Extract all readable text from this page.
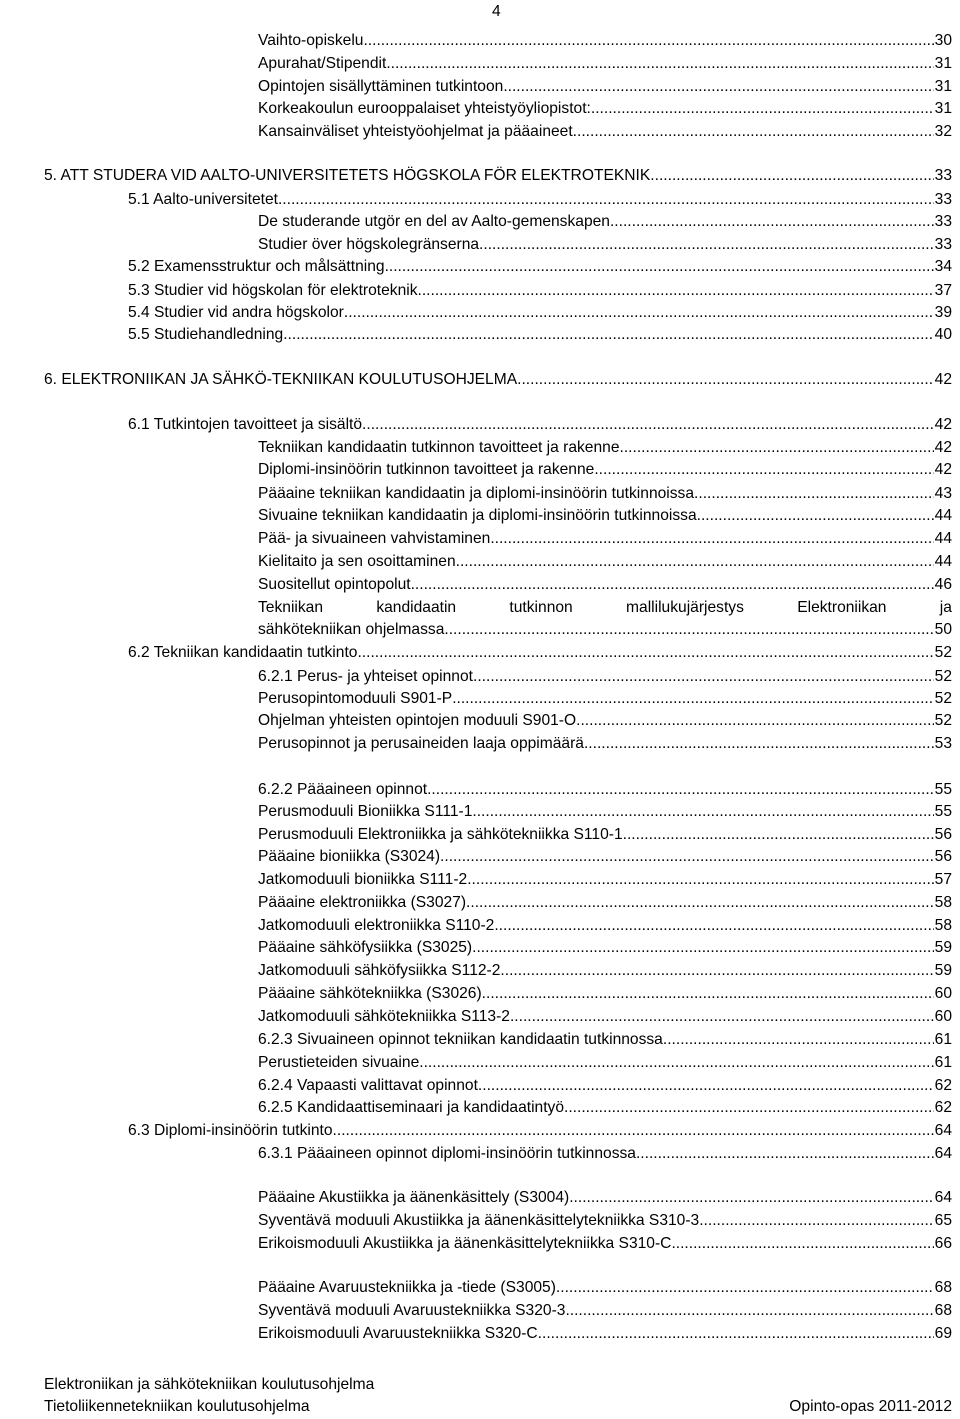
4
Vaihto-opiskelu .....	30
Apurahat/Stipendit .....	31
Opintojen sisällyttäminen tutkintoon .....	31
Korkeakoulun eurooppalaiset yhteistyöyliopistot: .....	31
Kansainväliset yhteistyöohjelmat ja pääaineet .....	32
5. ATT STUDERA VID AALTO-UNIVERSITETETS HÖGSKOLA FÖR ELEKTROTEKNIK .....	33
5.1 Aalto-universitetet .....	33
De studerande utgör en del av Aalto-gemenskapen .....	33
Studier över högskolegränserna .....	33
5.2 Examensstruktur och målsättning .....	34
5.3 Studier vid högskolan för elektroteknik .....	37
5.4 Studier vid andra högskolor .....	39
5.5 Studiehandledning .....	40
6. ELEKTRONIIKAN JA SÄHKÖ-TEKNIIKAN KOULUTUSOHJELMA .....	42
6.1 Tutkintojen tavoitteet ja sisältö .....	42
Tekniikan kandidaatin tutkinnon tavoitteet ja rakenne .....	42
Diplomi-insinöörin tutkinnon tavoitteet ja rakenne .....	42
Pääaine tekniikan kandidaatin ja diplomi-insinöörin tutkinnoissa .....	43
Sivuaine tekniikan kandidaatin ja diplomi-insinöörin tutkinnoissa .....	44
Pää- ja sivuaineen vahvistaminen .....	44
Kielitaito ja sen osoittaminen .....	44
Suositellut opintopolut .....	46
Tekniikan	kandidaatin	tutkinnon	mallilukujärjestys	Elektroniikan	ja
sähkötekniikan ohjelmassa .....	50
6.2 Tekniikan kandidaatin tutkinto .....	52
6.2.1 Perus- ja yhteiset opinnot .....	52
Perusopintomoduuli S901-P .....	52
Ohjelman yhteisten opintojen moduuli S901-O .....	52
Perusopinnot ja perusaineiden laaja oppimäärä .....	53
6.2.2 Pääaineen opinnot .....	55
Perusmoduuli Bioniikka S111-1 .....	55
Perusmoduuli Elektroniikka ja sähkötekniikka S110-1 .....	56
Pääaine bioniikka (S3024) .....	56
Jatkomoduuli bioniikka S111-2 .....	57
Pääaine elektroniikka (S3027) .....	58
Jatkomoduuli elektroniikka S110-2 .....	58
Pääaine sähköfysiikka (S3025) .....	59
Jatkomoduuli sähköfysiikka S112-2 .....	59
Pääaine sähkötekniikka (S3026) .....	60
Jatkomoduuli sähkötekniikka S113-2 .....	60
6.2.3 Sivuaineen opinnot tekniikan kandidaatin tutkinnossa .....	61
Perustieteiden sivuaine .....	61
6.2.4 Vapaasti valittavat opinnot .....	62
6.2.5 Kandidaattiseminaari ja kandidaatintyö .....	62
6.3 Diplomi-insinöörin tutkinto .....	64
6.3.1 Pääaineen opinnot diplomi-insinöörin tutkinnossa .....	64
Pääaine Akustiikka ja äänenkäsittely (S3004) .....	64
Syventävä moduuli Akustiikka ja äänenkäsittelytekniikka S310-3 .....	65
Erikoismoduuli Akustiikka ja äänenkäsittelytekniikka S310-C .....	66
Pääaine Avaruustekniikka ja -tiede (S3005) .....	68
Syventävä moduuli Avaruustekniikka S320-3 .....	68
Erikoismoduuli Avaruustekniikka S320-C .....	69
Elektroniikan ja sähkötekniikan koulutusohjelma
Tietoliikennetekniikan koulutusohjelma	Opinto-opas 2011-2012
